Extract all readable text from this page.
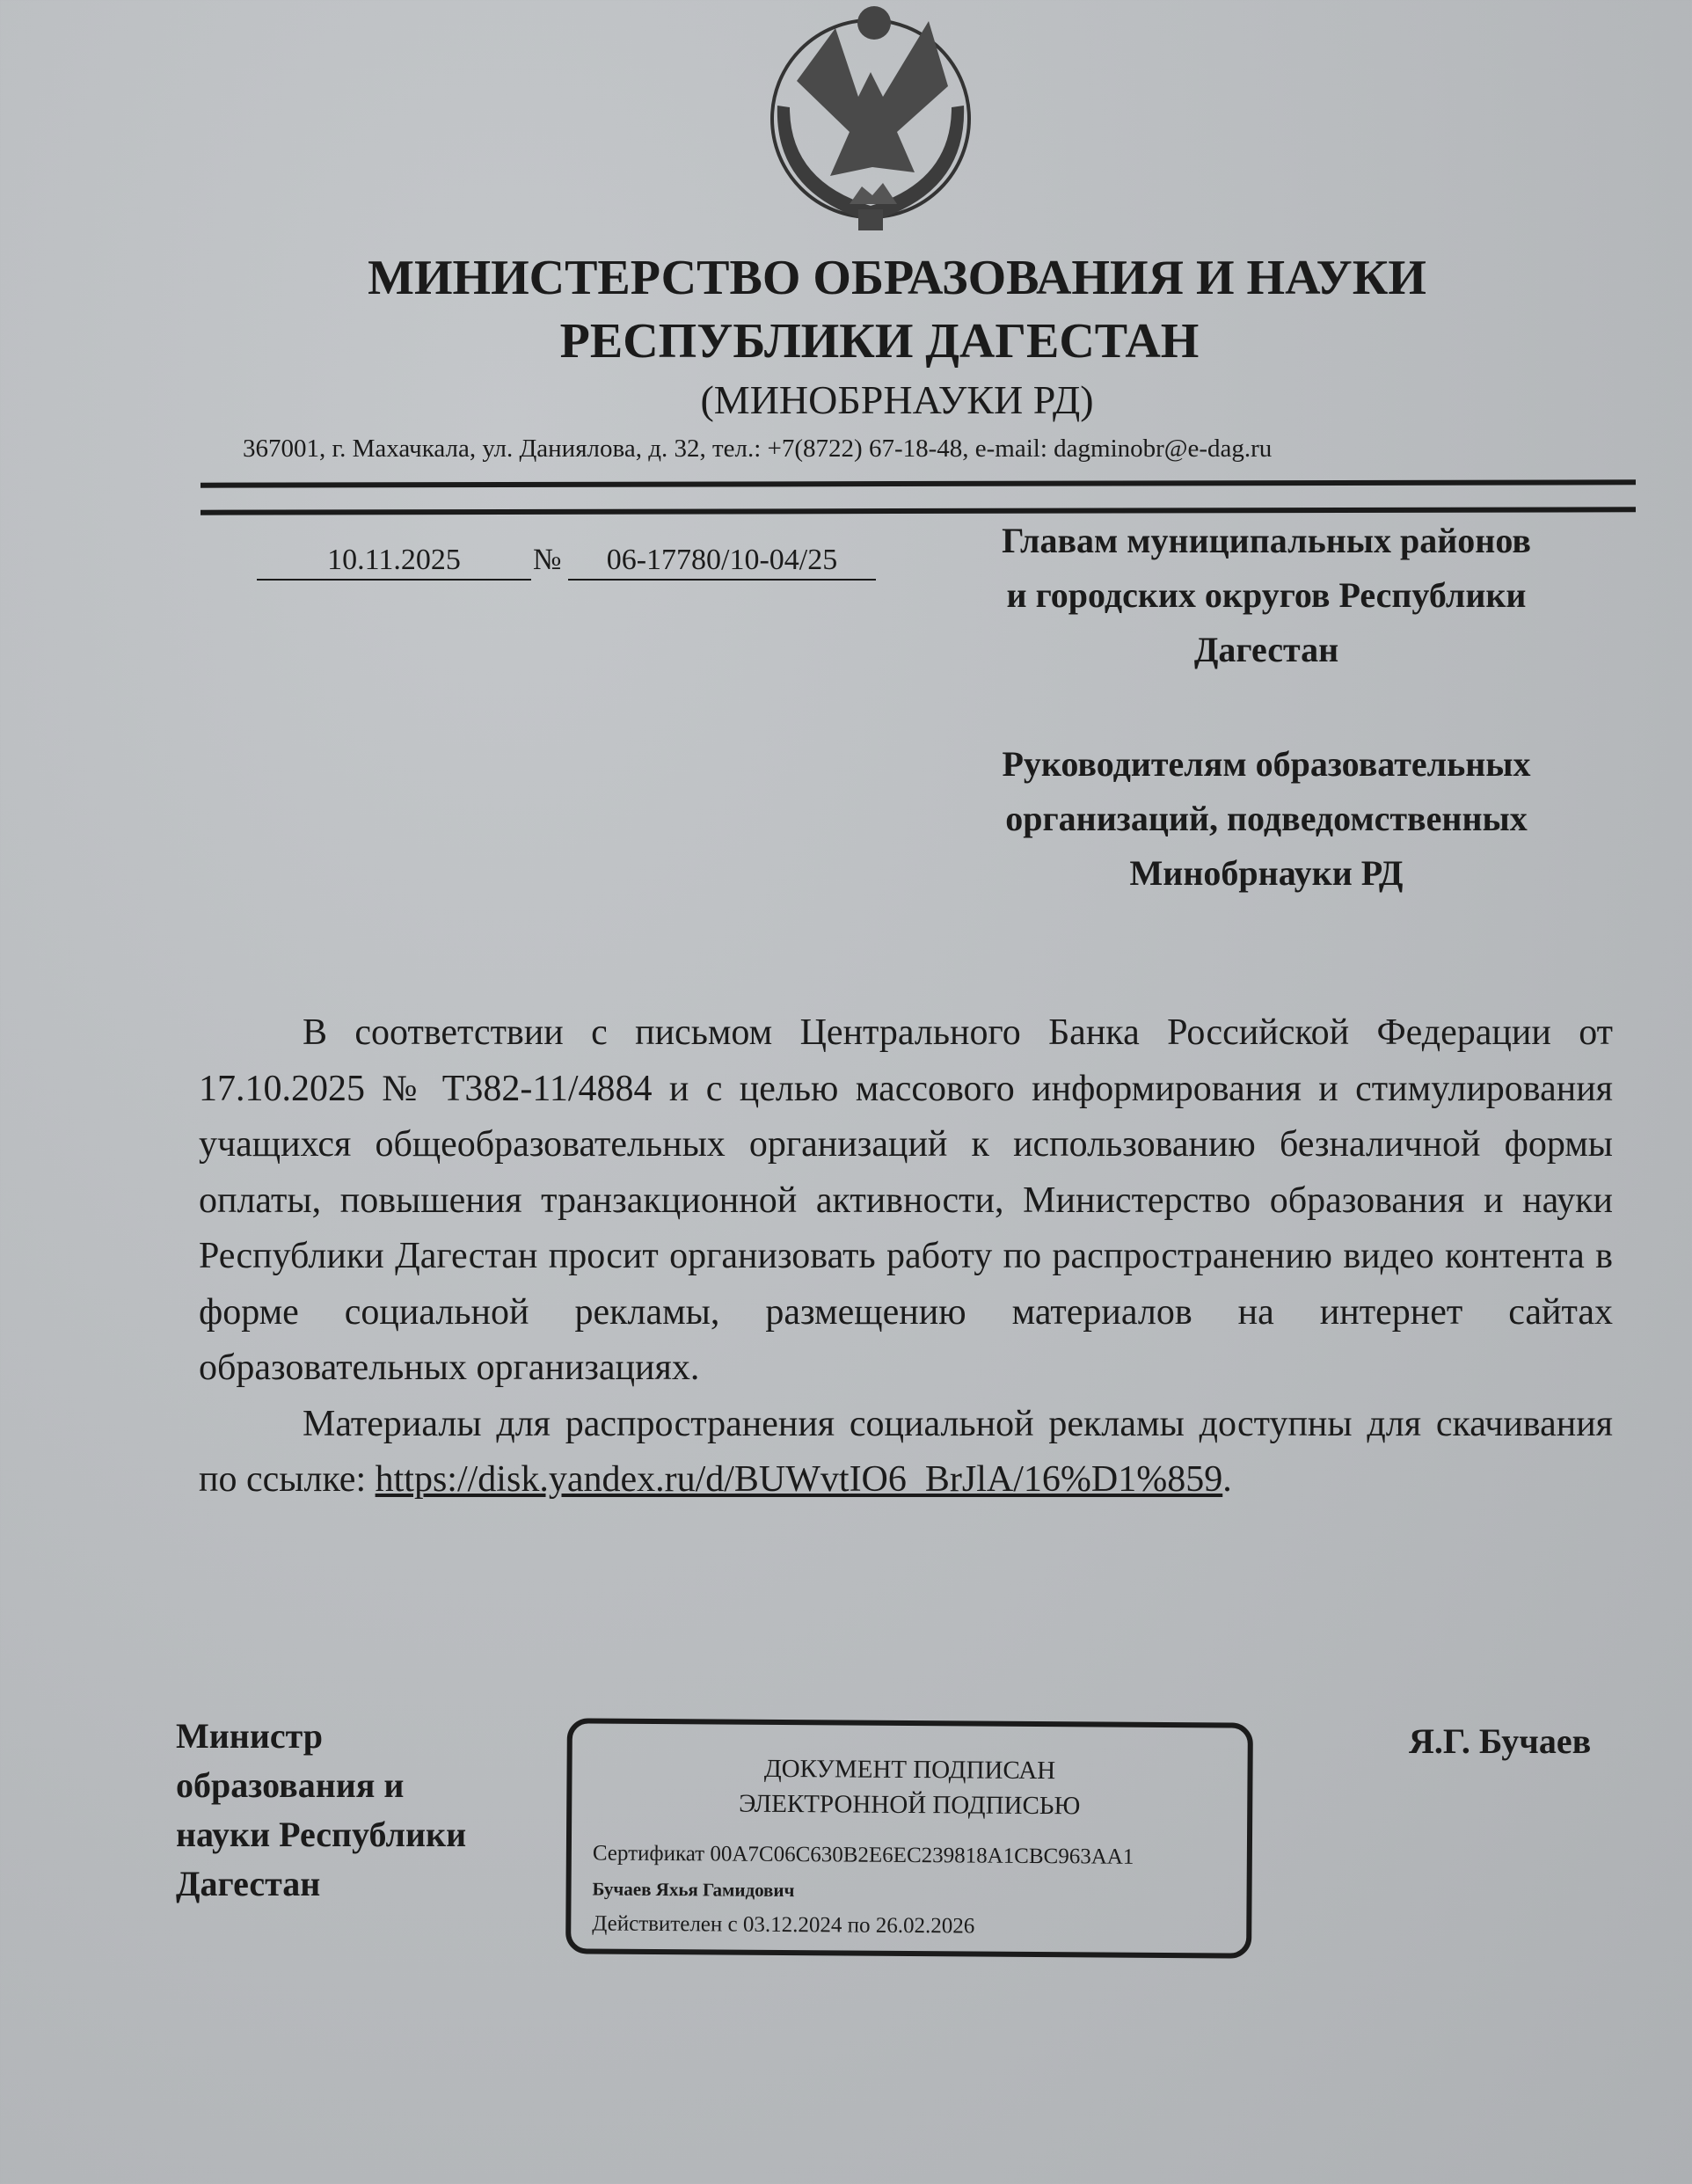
МИНИСТЕРСТВО ОБРАЗОВАНИЯ И НАУКИ
РЕСПУБЛИКИ ДАГЕСТАН
(МИНОБРНАУКИ РД)
367001, г. Махачкала, ул. Даниялова, д. 32, тел.: +7(8722) 67-18-48, e-mail: dagminobr@e-dag.ru
10.11.2025	№	06-17780/10-04/25	Главам муниципальных районов
и городских округов Республики
Дагестан
Руководителям образовательных
организаций, подведомственных
Минобрнауки РД

В соответствии с письмом Центрального Банка Российской Федерации от 17.10.2025 № Т382-11/4884 и с целью массового информирования и стимулирования учащихся общеобразовательных организаций к использованию безналичной формы оплаты, повышения транзакционной активности, Министерство образования и науки Республики Дагестан просит организовать работу по распространению видео контента в форме социальной рекламы, размещению материалов на интернет сайтах образовательных организациях.

Материалы для распространения социальной рекламы доступны для скачивания по ссылке: https://disk.yandex.ru/d/BUWvtIO6_BrJlA/16%D1%859.

Министр
образования и
науки Республики
Дагестан
ДОКУМЕНТ ПОДПИСАН
ЭЛЕКТРОННОЙ ПОДПИСЬЮ
Сертификат 00A7C06C630B2E6EC239818A1CBC963AA1
Бучаев Яхья Гамидович
Действителен с 03.12.2024 по 26.02.2026
Я.Г. Бучаев
